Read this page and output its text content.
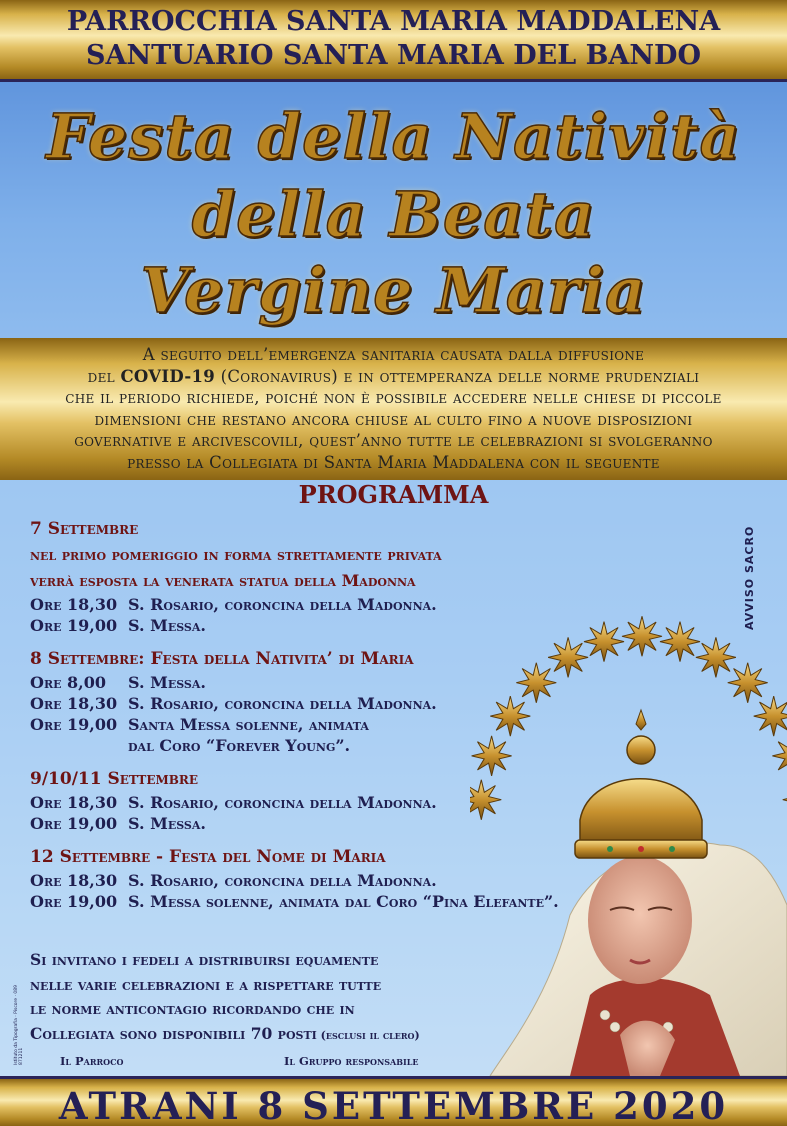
PARROCCHIA SANTA MARIA MADDALENA
SANTUARIO SANTA MARIA DEL BANDO
Festa della Natività
della Beata
Vergine Maria
A seguito dell’emergenza sanitaria causata dalla diffusione
del COVID-19 (Coronavirus) e in ottemperanza delle norme prudenziali
che il periodo richiede, poiché non è possibile accedere nelle chiese di piccole
dimensioni che restano ancora chiuse al culto fino a nuove disposizioni
governative e arcivescovili, quest’anno tutte le celebrazioni si svolgeranno
presso la Collegiata di Santa Maria Maddalena con il seguente
PROGRAMMA
AVVISO SACRO
7 Settembre
nel primo pomeriggio in forma strettamente privata
verrà esposta la venerata statua della Madonna
Ore 18,30 S. Rosario, coroncina della Madonna.
Ore 19,00 S. Messa.
8 Settembre: Festa della Nativita’ di Maria
Ore 8,00	S. Messa.
Ore 18,30 S. Rosario, coroncina della Madonna.
Ore 19,00 Santa Messa solenne, animata
dal Coro “Forever Young”.
9/10/11 Settembre
Ore 18,30 S. Rosario, coroncina della Madonna.
Ore 19,00 S. Messa.
12 Settembre - Festa del Nome di Maria
Ore 18,30 S. Rosario, coroncina della Madonna.
Ore 19,00 S. Messa solenne, animata dal Coro “Pina Elefante”.
Si invitano i fedeli a distribuirsi equamente
nelle varie celebrazioni e a rispettare tutte
le norme anticontagio ricordando che in
Collegiata sono disponibili 70 posti (esclusi il clero)
Istituto da Tipografia · Piscore · 089 871211	Il Parroco	Il Gruppo responsabile
ATRANI 8 SETTEMBRE 2020
